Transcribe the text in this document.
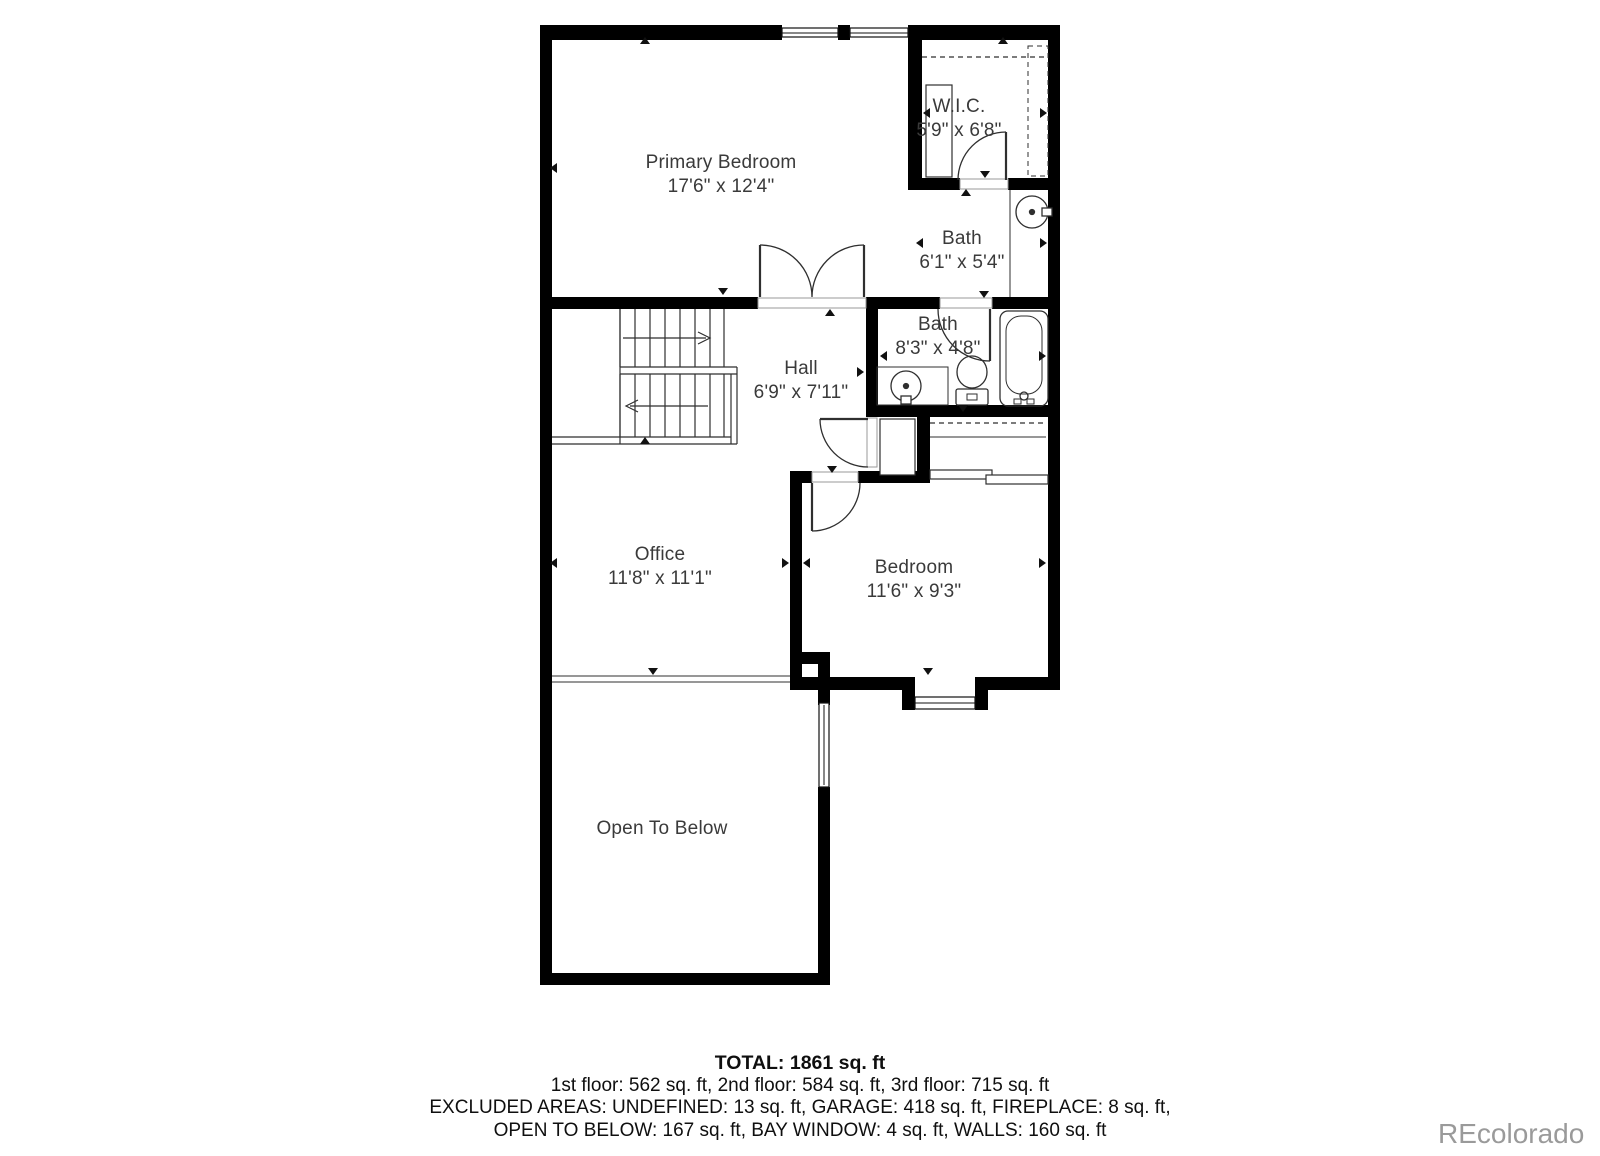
Primary Bedroom
17'6" x 12'4"
W.I.C.
5'9" x 6'8"
Bath
6'1" x 5'4"
Bath
8'3" x 4'8"
Hall
6'9" x 7'11"
Office
11'8" x 11'1"
Bedroom
11'6" x 9'3"
Open To Below
TOTAL: 1861 sq. ft
1st floor: 562 sq. ft, 2nd floor: 584 sq. ft, 3rd floor: 715 sq. ft
EXCLUDED AREAS: UNDEFINED: 13 sq. ft, GARAGE: 418 sq. ft, FIREPLACE: 8 sq. ft,
OPEN TO BELOW: 167 sq. ft, BAY WINDOW: 4 sq. ft, WALLS: 160 sq. ft	REcolorado
